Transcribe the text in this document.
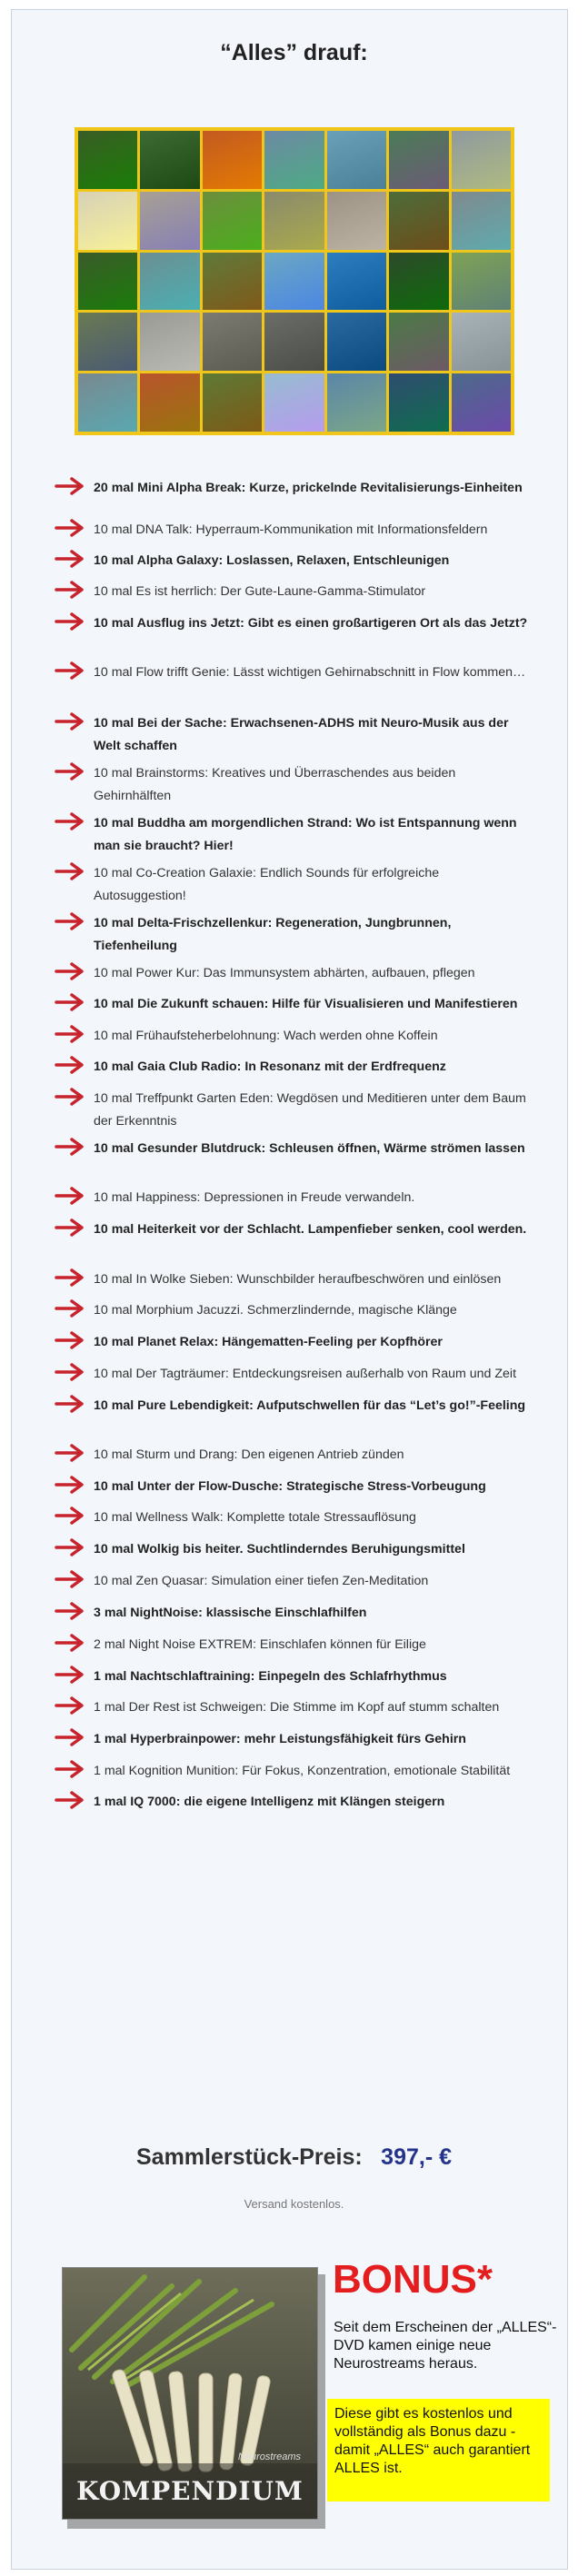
“Alles” drauf:
20 mal Mini Alpha Break: Kurze, prickelnde Revitalisierungs-Einheiten
10 mal DNA Talk: Hyperraum-Kommunikation mit Informationsfeldern
10 mal Alpha Galaxy: Loslassen, Relaxen, Entschleunigen
10 mal Es ist herrlich: Der Gute-Laune-Gamma-Stimulator
10 mal Ausflug ins Jetzt: Gibt es einen großartigeren Ort als das Jetzt?
10 mal Flow trifft Genie: Lässt wichtigen Gehirnabschnitt in Flow kommen…
10 mal Bei der Sache: Erwachsenen-ADHS mit Neuro-Musik aus der Welt schaffen
10 mal Brainstorms: Kreatives und Überraschendes aus beiden Gehirnhälften
10 mal Buddha am morgendlichen Strand: Wo ist Entspannung wenn man sie braucht? Hier!
10 mal Co-Creation Galaxie: Endlich Sounds für erfolgreiche Autosuggestion!
10 mal Delta-Frischzellenkur: Regeneration, Jungbrunnen, Tiefenheilung
10 mal Power Kur: Das Immunsystem abhärten, aufbauen, pflegen
10 mal Die Zukunft schauen: Hilfe für Visualisieren und Manifestieren
10 mal Frühaufsteherbelohnung: Wach werden ohne Koffein
10 mal Gaia Club Radio: In Resonanz mit der Erdfrequenz
10 mal Treffpunkt Garten Eden: Wegdösen und Meditieren unter dem Baum der Erkenntnis
10 mal Gesunder Blutdruck: Schleusen öffnen, Wärme strömen lassen
10 mal Happiness: Depressionen in Freude verwandeln.
10 mal Heiterkeit vor der Schlacht. Lampenfieber senken, cool werden.
10 mal In Wolke Sieben: Wunschbilder heraufbeschwören und einlösen
10 mal Morphium Jacuzzi. Schmerzlindernde, magische Klänge
10 mal Planet Relax: Hängematten-Feeling per Kopfhörer
10 mal Der Tagträumer: Entdeckungsreisen außerhalb von Raum und Zeit
10 mal Pure Lebendigkeit: Aufputschwellen für das “Let’s go!”-Feeling
10 mal Sturm und Drang: Den eigenen Antrieb zünden
10 mal Unter der Flow-Dusche: Strategische Stress-Vorbeugung
10 mal Wellness Walk: Komplette totale Stressauflösung
10 mal Wolkig bis heiter. Suchtlinderndes Beruhigungsmittel
10 mal Zen Quasar: Simulation einer tiefen Zen-Meditation
3 mal NightNoise: klassische Einschlafhilfen
2 mal Night Noise EXTREM: Einschlafen können für Eilige
1 mal Nachtschlaftraining: Einpegeln des Schlafrhythmus
1 mal Der Rest ist Schweigen: Die Stimme im Kopf auf stumm schalten
1 mal Hyperbrainpower: mehr Leistungsfähigkeit fürs Gehirn
1 mal Kognition Munition: Für Fokus, Konzentration, emotionale Stabilität
1 mal IQ 7000: die eigene Intelligenz mit Klängen steigern
Sammlerstück-Preis: 397,- €
Versand kostenlos.
Neurostreams
KOMPENDIUM
BONUS*
Seit dem Erscheinen der „ALLES“-DVD kamen einige neue Neurostreams heraus.
Diese gibt es kostenlos und vollständig als Bonus dazu - damit „ALLES“ auch garantiert ALLES ist.
